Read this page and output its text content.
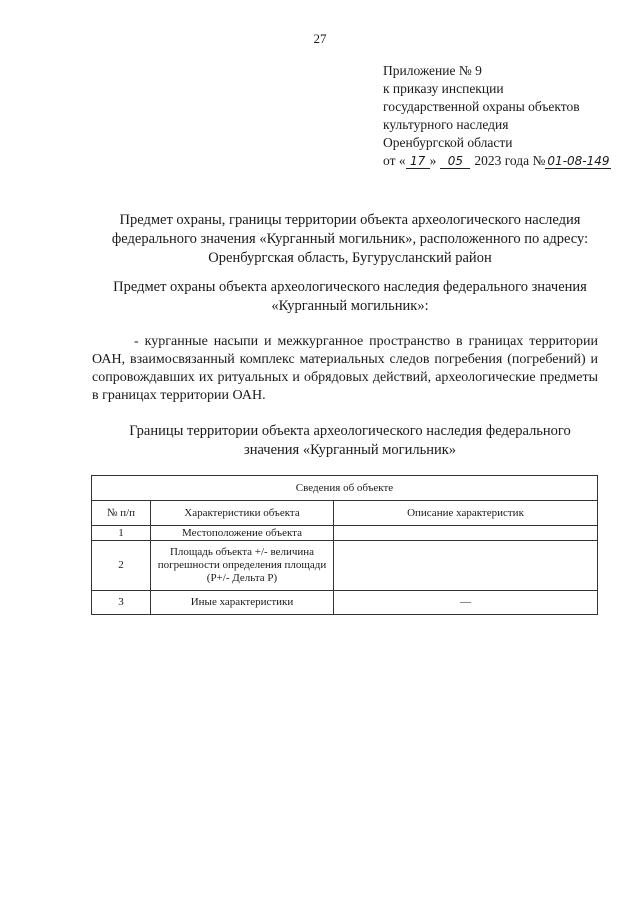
27
Приложение № 9
к приказу инспекции
государственной охраны объектов
культурного наследия
Оренбургской области
от « 17 » 05 2023 года № 01-08-149
Предмет охраны, границы территории объекта археологического наследия
федерального значения «Курганный могильник», расположенного по адресу:
Оренбургская область, Бугурусланский район
Предмет охраны объекта археологического наследия федерального значения
«Курганный могильник»:
- курганные насыпи и межкурганное пространство в границах территории ОАН, взаимосвязанный комплекс материальных следов погребения (погребений) и сопровождавших их ритуальных и обрядовых действий, археологические предметы в границах территории ОАН.
Границы территории объекта археологического наследия федерального
значения «Курганный могильник»
Сведения об объекте		
№ п/п	Характеристики объекта	Описание характеристик
1	Местоположение объекта	
2	Площадь объекта +/- величина погрешности определения площади (Р+/- Дельта Р)	
3	Иные характеристики	—
